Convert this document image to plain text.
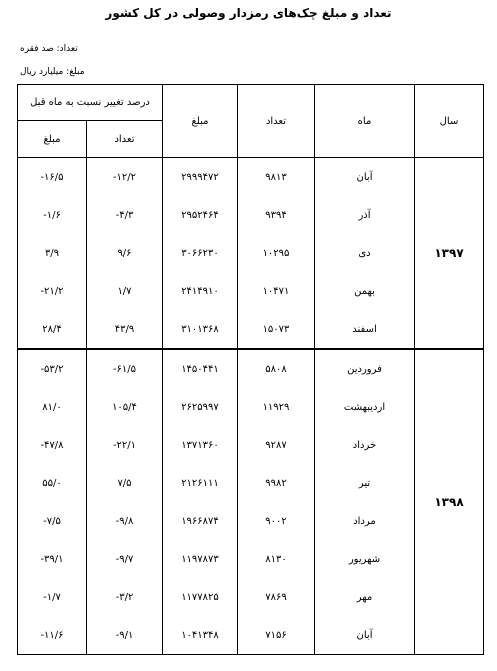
تعداد و مبلغ چک‌های رمزدار وصولی در کل کشور
تعداد: صد فقره
مبلغ: میلیارد ریال
سال	ماه	تعداد	مبلغ	درصد تغییر نسبت به ماه قبل	
				تعداد	مبلغ
۱۳۹۷	آبان	۹۸۱۳	۲۹۹۹۴۷۲	-۱۲/۲	-۱۶/۵
	آذر	۹۳۹۴	۲۹۵۲۴۶۴	-۴/۳	-۱/۶
	دی	۱۰۲۹۵	۳۰۶۶۲۳۰	۹/۶	۳/۹
	بهمن	۱۰۴۷۱	۲۴۱۴۹۱۰	۱/۷	-۲۱/۲
	اسفند	۱۵۰۷۳	۳۱۰۱۳۶۸	۴۳/۹	۲۸/۴
۱۳۹۸	فروردین	۵۸۰۸	۱۴۵۰۴۴۱	-۶۱/۵	-۵۳/۲
	اردیبهشت	۱۱۹۲۹	۲۶۲۵۹۹۷	۱۰۵/۴	۸۱/۰
	خرداد	۹۲۸۷	۱۳۷۱۳۶۰	-۲۲/۱	-۴۷/۸
	تیر	۹۹۸۲	۲۱۲۶۱۱۱	۷/۵	۵۵/۰
	مرداد	۹۰۰۲	۱۹۶۶۸۷۴	-۹/۸	-۷/۵
	شهریور	۸۱۳۰	۱۱۹۷۸۷۳	-۹/۷	-۳۹/۱
	مهر	۷۸۶۹	۱۱۷۷۸۲۵	-۳/۲	-۱/۷
	آبان	۷۱۵۶	۱۰۴۱۳۴۸	-۹/۱	-۱۱/۶
